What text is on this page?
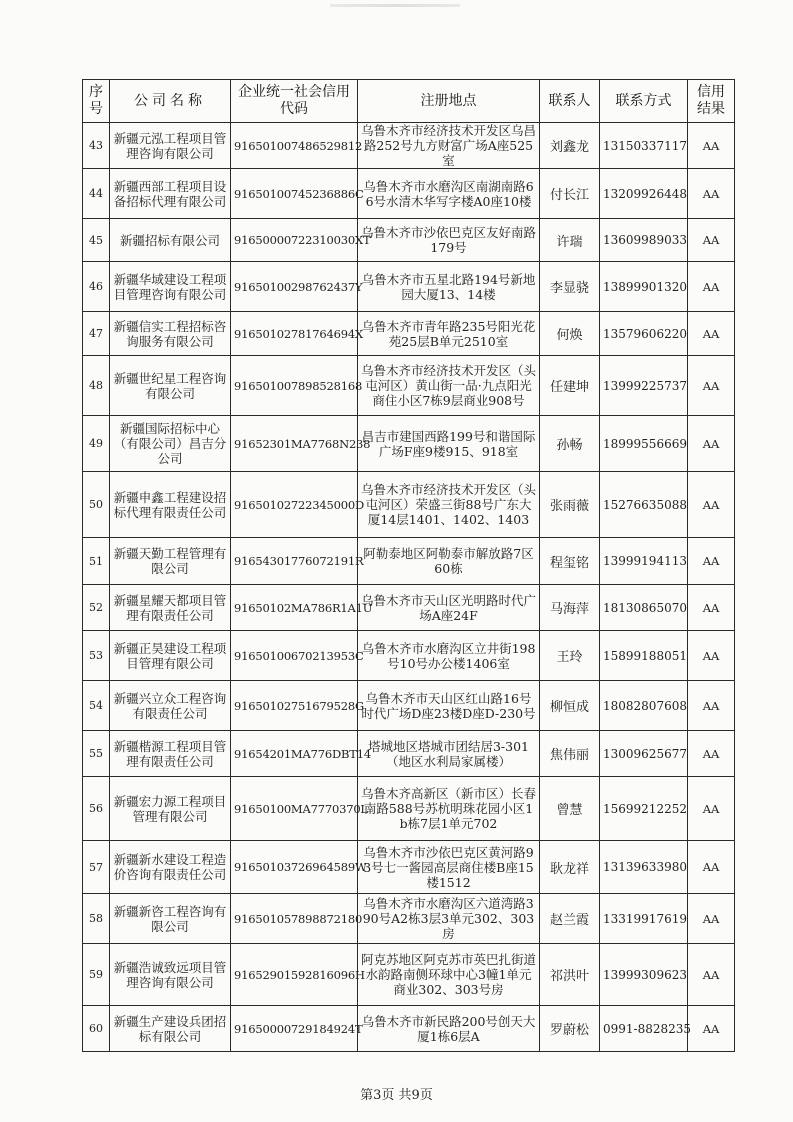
序号	公司名称	企业统一社会信用代码	注册地点	联系人	联系方式	信用结果
43	新疆元泓工程项目管理咨询有限公司	916501007486529812	乌鲁木齐市经济技术开发区乌昌路252号九方财富广场A座525室	刘鑫龙	13150337117	AA
44	新疆西部工程项目设备招标代理有限公司	91650100745236886C	乌鲁木齐市水磨沟区南湖南路66号水清木华写字楼A0座10楼	付长江	13209926448	AA
45	新疆招标有限公司	91650000722310030XT	乌鲁木齐市沙依巴克区友好南路179号	许瑞	13609989033	AA
46	新疆华域建设工程项目管理咨询有限公司	91650100298762437Y	乌鲁木齐市五星北路194号新地园大厦13、14楼	李显骁	13899901320	AA
47	新疆信实工程招标咨询服务有限公司	91650102781764694X	乌鲁木齐市青年路235号阳光花苑25层B单元2510室	何焕	13579606220	AA
48	新疆世纪星工程咨询有限公司	916501007898528168	乌鲁木齐市经济技术开发区（头屯河区）黄山街一品·九点阳光商住小区7栋9层商业908号	任建坤	13999225737	AA
49	新疆国际招标中心（有限公司）昌吉分公司	91652301MA7768N238	昌吉市建国西路199号和谐国际广场F座9楼915、918室	孙畅	18999556669	AA
50	新疆申鑫工程建设招标代理有限责任公司	91650102722345000D	乌鲁木齐市经济技术开发区（头屯河区）荣盛三街88号广东大厦14层1401、1402、1403	张雨薇	15276635088	AA
51	新疆天勤工程管理有限公司	91654301776072191R	阿勒泰地区阿勒泰市解放路7区60栋	程玺铭	13999194113	AA
52	新疆星耀天都项目管理有限责任公司	91650102MA786R1A1U	乌鲁木齐市天山区光明路时代广场A座24F	马海萍	18130865070	AA
53	新疆正昊建设工程项目管理有限公司	91650100670213953C	乌鲁木齐市水磨沟区立井街198号10号办公楼1406室	王玲	15899188051	AA
54	新疆兴立众工程咨询有限责任公司	91650102751679528G	乌鲁木齐市天山区红山路16号时代广场D座23楼D座D-230号	柳恒成	18082807608	AA
55	新疆楷源工程项目管理有限责任公司	91654201MA776DBT14	塔城地区塔城市团结居3-301（地区水利局家属楼）	焦伟丽	13009625677	AA
56	新疆宏力源工程项目管理有限公司	91650100MA7770370L	乌鲁木齐高新区（新市区）长春南路588号苏杭明珠花园小区1b栋7层1单元702	曾慧	15699212252	AA
57	新疆新水建设工程造价咨询有限责任公司	91650103726964589W	乌鲁木齐市沙依巴克区黄河路93号七一酱园高层商住楼B座15楼1512	耿龙祥	13139633980	AA
58	新疆新咨工程咨询有限公司	916501057898872180	乌鲁木齐市水磨沟区六道湾路390号A2栋3层3单元302、303房	赵兰霞	13319917619	AA
59	新疆浩诚致远项目管理咨询有限公司	91652901592816096H	阿克苏地区阿克苏市英巴扎街道水韵路南侧环球中心3幢1单元商业302、303号房	祁洪叶	13999309623	AA
60	新疆生产建设兵团招标有限公司	91650000729184924T	乌鲁木齐市新民路200号创天大厦1栋6层A	罗蔚松	0991-8828235	AA
第3页 共9页
